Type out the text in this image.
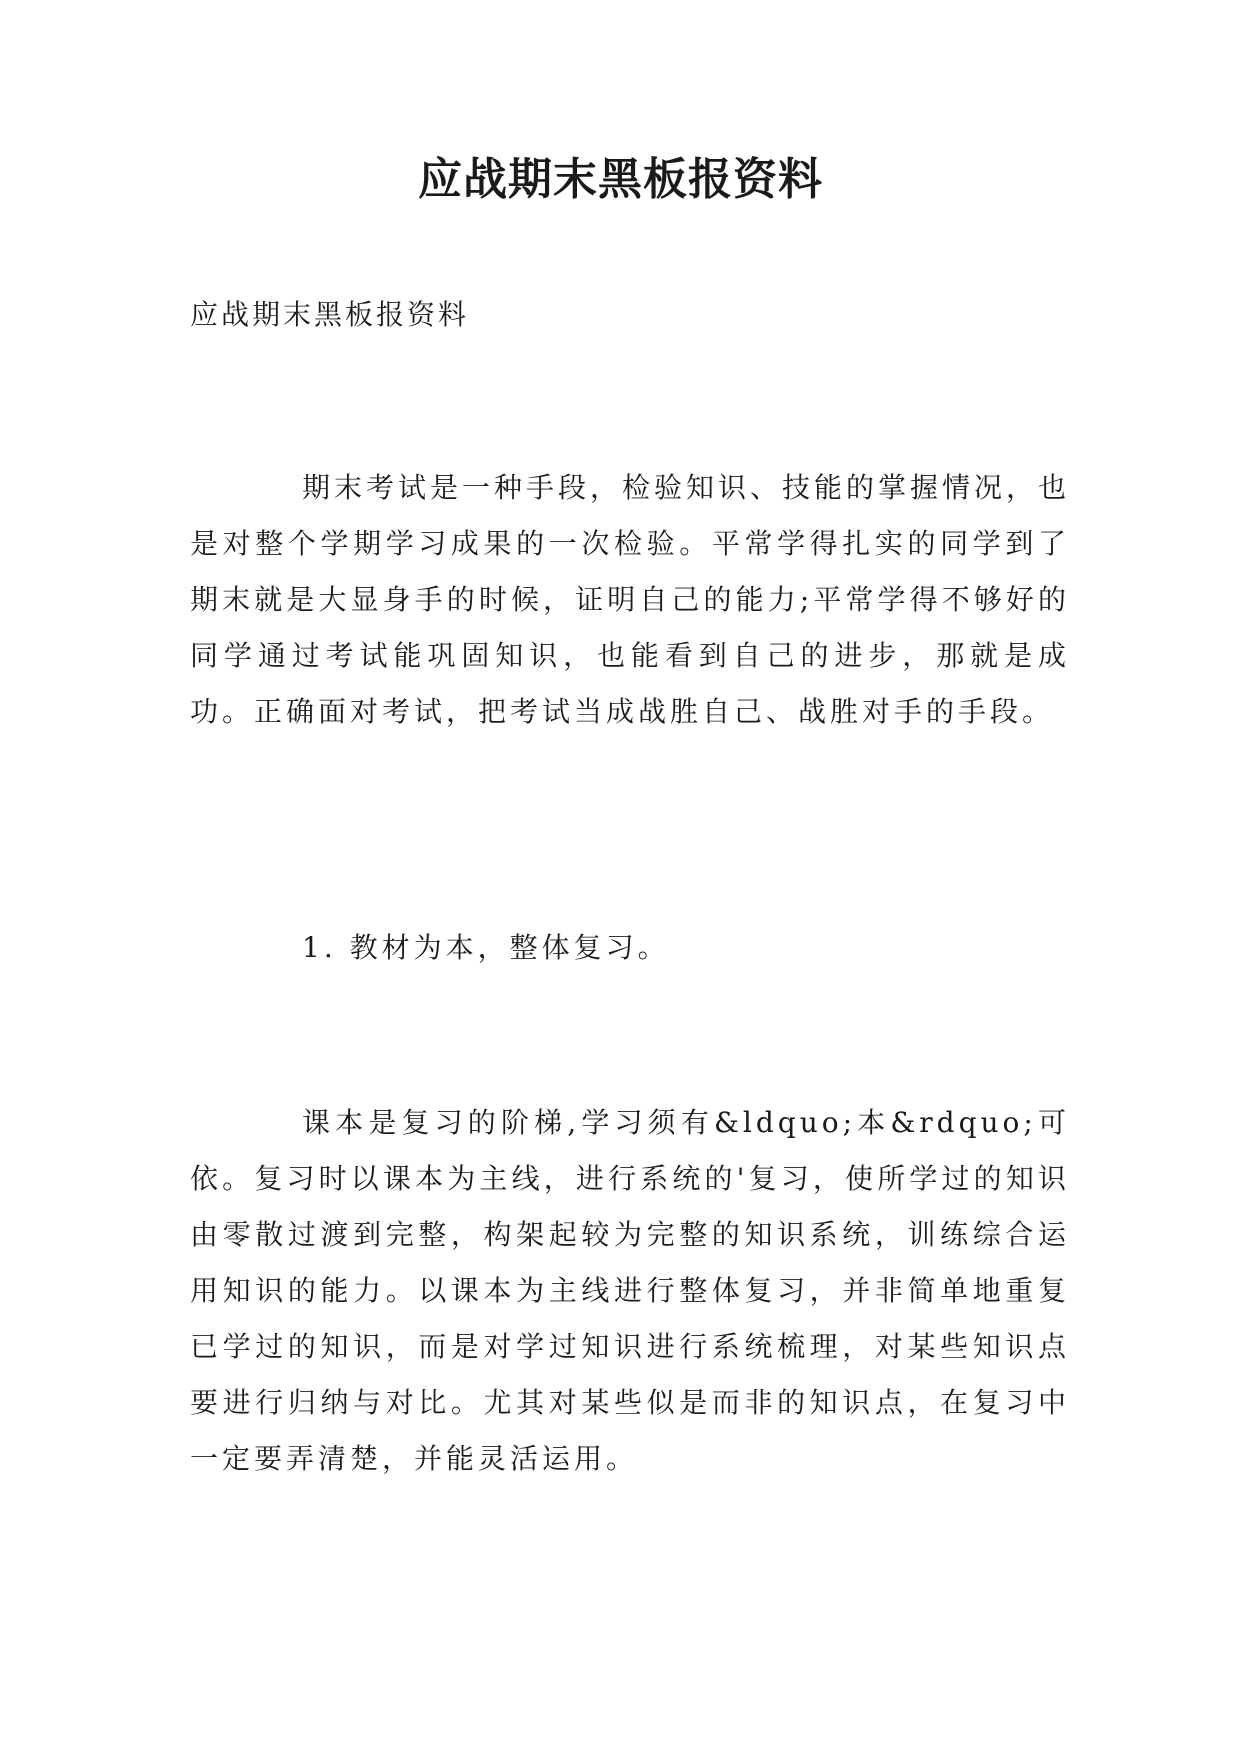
应战期末黑板报资料

应战期末黑板报资料

期末考试是一种手段，检验知识、技能的掌握情况，也是对整个学期学习成果的一次检验。平常学得扎实的同学到了期末就是大显身手的时候，证明自己的能力;平常学得不够好的同学通过考试能巩固知识，也能看到自己的进步，那就是成功。正确面对考试，把考试当成战胜自己、战胜对手的手段。

1. 教材为本，整体复习。

课本是复习的阶梯,学习须有&ldquo;本&rdquo;可依。复习时以课本为主线，进行系统的'复习，使所学过的知识由零散过渡到完整，构架起较为完整的知识系统，训练综合运用知识的能力。以课本为主线进行整体复习，并非简单地重复已学过的知识，而是对学过知识进行系统梳理，对某些知识点要进行归纳与对比。尤其对某些似是而非的知识点，在复习中一定要弄清楚，并能灵活运用。
